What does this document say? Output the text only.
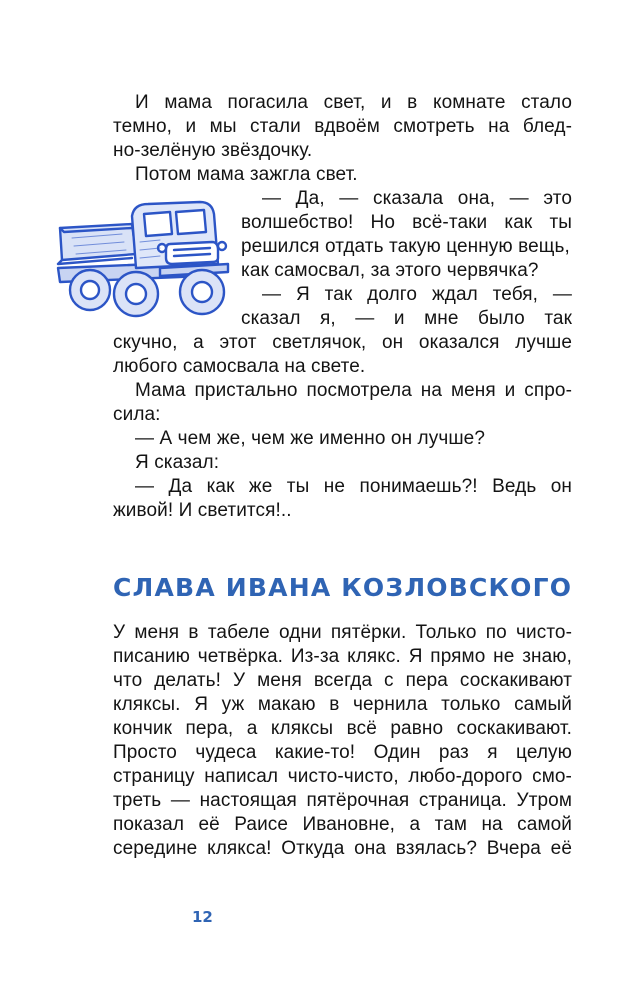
И мама погасила свет, и в комнате стало
темно, и мы стали вдвоём смотреть на блед-
но-зелёную звёздочку.
Потом мама зажгла свет.
— Да, — сказала она, — это
волшебство! Но всё-таки как ты
решился отдать такую ценную вещь,
как самосвал, за этого червячка?
— Я так долго ждал тебя, —
сказал я, — и мне было так
скучно, а этот светлячок, он оказался лучше
любого самосвала на свете.
Мама пристально посмотрела на меня и спро-
сила:
— А чем же, чем же именно он лучше?
Я сказал:
— Да как же ты не понимаешь?! Ведь он
живой! И светится!..
СЛАВА ИВАНА КОЗЛОВСКОГО
У меня в табеле одни пятёрки. Только по чисто-
писанию четвёрка. Из-за клякс. Я прямо не знаю,
что делать! У меня всегда с пера соскакивают
кляксы. Я уж макаю в чернила только самый
кончик пера, а кляксы всё равно соскакивают.
Просто чудеса какие-то! Один раз я целую
страницу написал чисто-чисто, любо-дорого смо-
треть — настоящая пятёрочная страница. Утром
показал её Раисе Ивановне, а там на самой
середине клякса! Откуда она взялась? Вчера её
12
